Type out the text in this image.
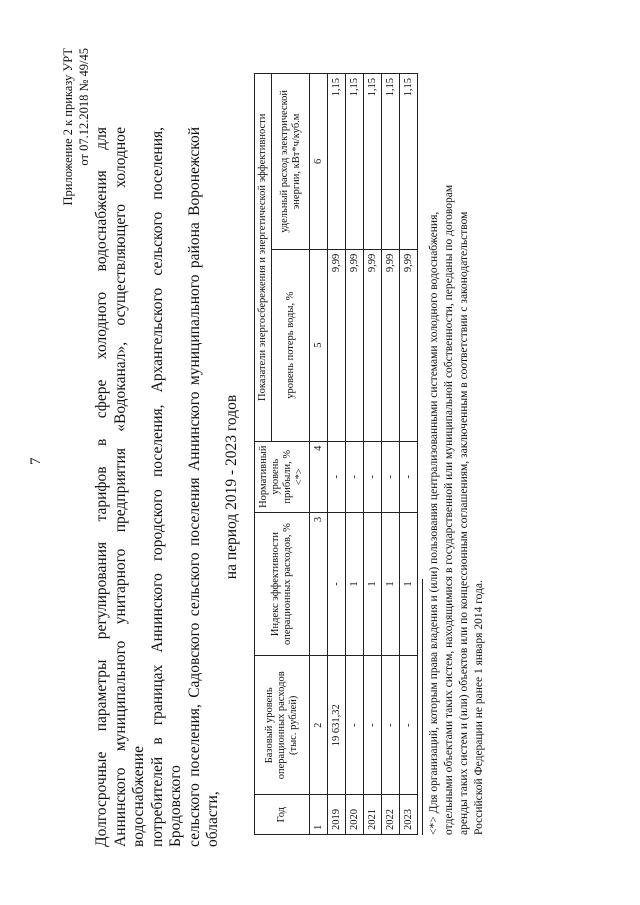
7
Приложение 2 к приказу УРТ от 07.12.2018 № 49/45

Долгосрочные параметры регулирования тарифов в сфере холодного водоснабжения для Аннинского муниципального унитарного предприятия «Водоканал», осуществляющего холодное водоснабжение потребителей в границах Аннинского городского поселения, Архангельского сельского поселения, Бродовского сельского поселения, Садовского сельского поселения Аннинского муниципального района Воронежской области,

на период 2019 - 2023 годов

Год	Базовый уровень операционных расходов (тыс. рублей)	Индекс эффективности операционных расходов, %	Нормативный уровень прибыли, % <*>	Показатели энергосбережения и энергетической эффективности	
				уровень потерь воды, %	удельный расход электрической энергии, кВт*ч/куб.м
1	2	3	4	5	6
2019	19 631,32	-	-	9,99	1,15
2020	-	1	-	9,99	1,15
2021	-	1	-	9,99	1,15
2022	-	1	-	9,99	1,15
2023	-	1	-	9,99	1,15

<*> Для организаций, которым права владения и (или) пользования централизованными системами холодного водоснабжения, отдельными объектами таких систем, находящимися в государственной или муниципальной собственности, переданы по договорам аренды таких систем и (или) объектов или по концессионным соглашениям, заключенным в соответствии с законодательством Российской Федерации не ранее 1 января 2014 года.
